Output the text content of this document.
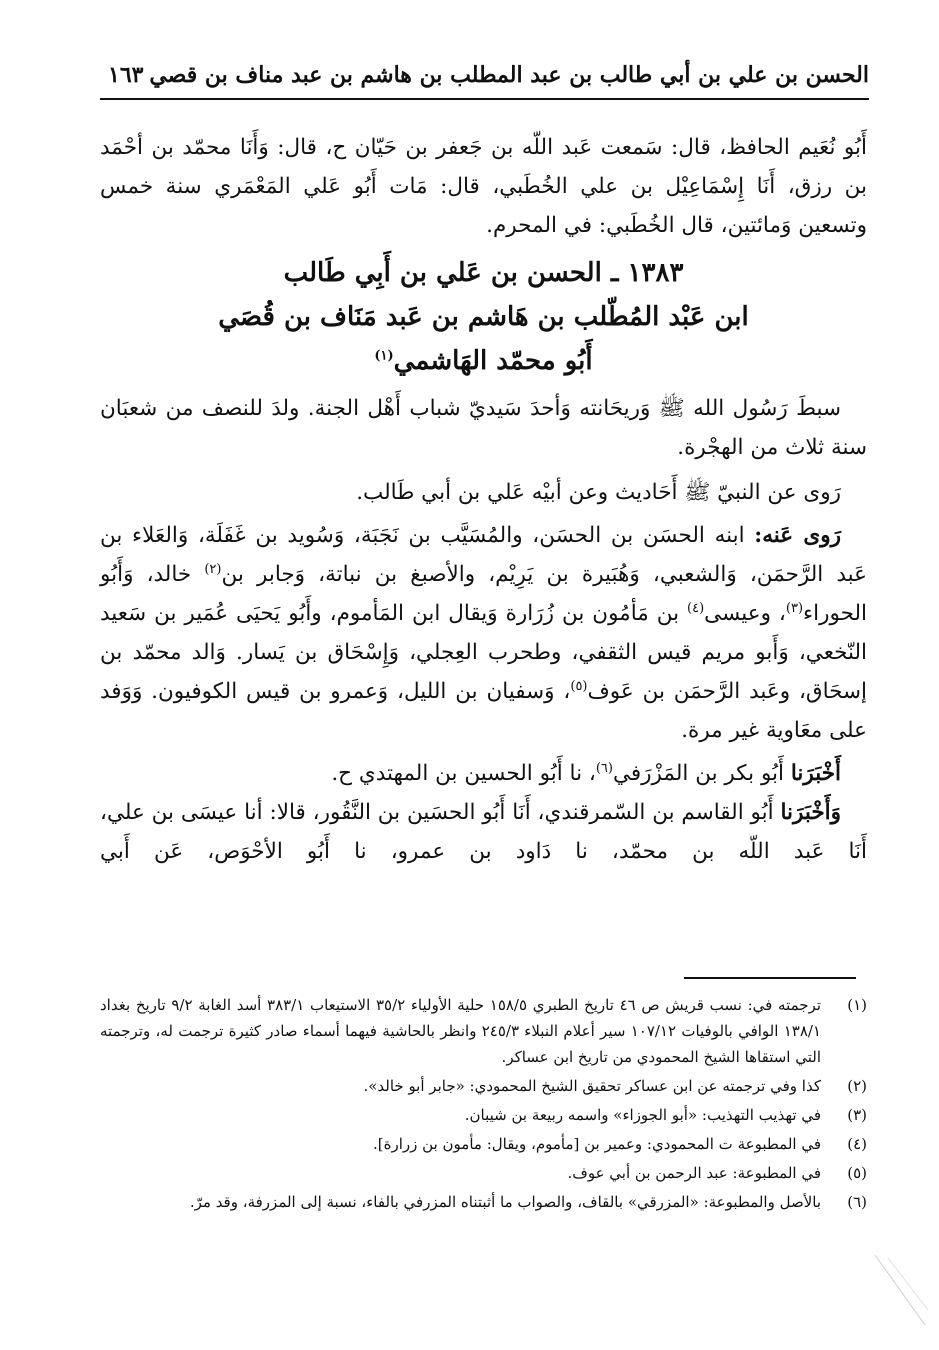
الحسن بن علي بن أبي طالب بن عبد المطلب بن هاشم بن عبد مناف بن قصي
١٦٣

أَبُو نُعَيم الحافظ، قال: سَمعت عَبد اللّه بن جَعفر بن حَيّان ح، قال: وَأَنَا محمّد بن أحْمَد بن رزق، أَنَا إِسْمَاعِيْل بن علي الخُطَبي، قال: مَات أَبُو عَلي المَعْمَري سنة خمس وتسعين وَمائتين، قال الخُطَبي: في المحرم.

١٣٨٣ ـ الحسن بن عَلي بن أَبِي طَالب
ابن عَبْد المُطّلب بن هَاشم بن عَبد مَنَاف بن قُصَي
أَبُو محمّد الهَاشمي$^{(١)}$

سبطَ رَسُول الله ﷺ وَريحَانته وَأحدَ سَيديّ شباب أَهْل الجنة. ولدَ للنصف من شعبَان سنة ثلاث من الهجْرة.

رَوى عن النبيّ ﷺ أَحَاديث وعن أبيْه عَلي بن أبي طَالب.

رَوى عَنه: ابنه الحسَن بن الحسَن، والمُسَيَّب بن نَجَبَة، وَسُويد بن غَفَلَة، وَالعَلاء بن عَبد الرَّحمَن، وَالشعبي، وَهُبَيرة بن يَرِيْم، والأصبغ بن نباتة، وَجابر بن$^{(٢)}$ خالد، وَأَبُو الحوراء$^{(٣)}$، وعيسى$^{(٤)}$ بن مَأمُون بن زُرَارة وَيقال ابن المَأموم، وأَبُو يَحيَى عُمَير بن سَعيد النّخعي، وَأَبو مريم قيس الثقفي، وطحرب العِجلي، وَإِسْحَاق بن يَسار. وَالد محمّد بن إسحَاق، وعَبد الرَّحمَن بن عَوف$^{(٥)}$، وَسفيان بن الليل، وَعمرو بن قيس الكوفيون. وَوَفد على معَاوية غير مرة.

أَخْبَرَنا أَبُو بكر بن المَزْرَفي$^{(٦)}$، نا أَبُو الحسين بن المهتدي ح.

وَأَخْبَرَنا أَبُو القاسم بن السّمرقندي، أَنَا أَبُو الحسَين بن النَّقُور، قالا: أنا عيسَى بن علي، أَنَا عَبد اللّه بن محمّد، نا دَاود بن عمرو، نا أَبُو الأحْوَص، عَن أَبي

(١)
ترجمته في: نسب قريش ص ٤٦ تاريخ الطبري ١٥٨/٥ حلية الأولياء ٣٥/٢ الاستيعاب ٣٨٣/١ أسد الغابة ٩/٢ تاريخ بغداد ١٣٨/١ الوافي بالوفيات ١٠٧/١٢ سير أعلام النبلاء ٢٤٥/٣ وانظر بالحاشية فيهما أسماء صادر كثيرة ترجمت له، وترجمته التي استقاها الشيخ المحمودي من تاريخ ابن عساكر.
(٢)
كذا وفي ترجمته عن ابن عساكر تحقيق الشيخ المحمودي: «جابر أبو خالد».
(٣)
في تهذيب التهذيب: «أبو الجوزاء» واسمه ربيعة بن شيبان.
(٤)
في المطبوعة ت المحمودي: وعمير بن [مأموم، ويقال: مأمون بن زرارة].
(٥)
في المطبوعة: عبد الرحمن بن أبي عوف.
(٦)
بالأصل والمطبوعة: «المزرقي» بالقاف، والصواب ما أثبتناه المزرفي بالفاء، نسبة إلى المزرفة، وقد مرّ.
